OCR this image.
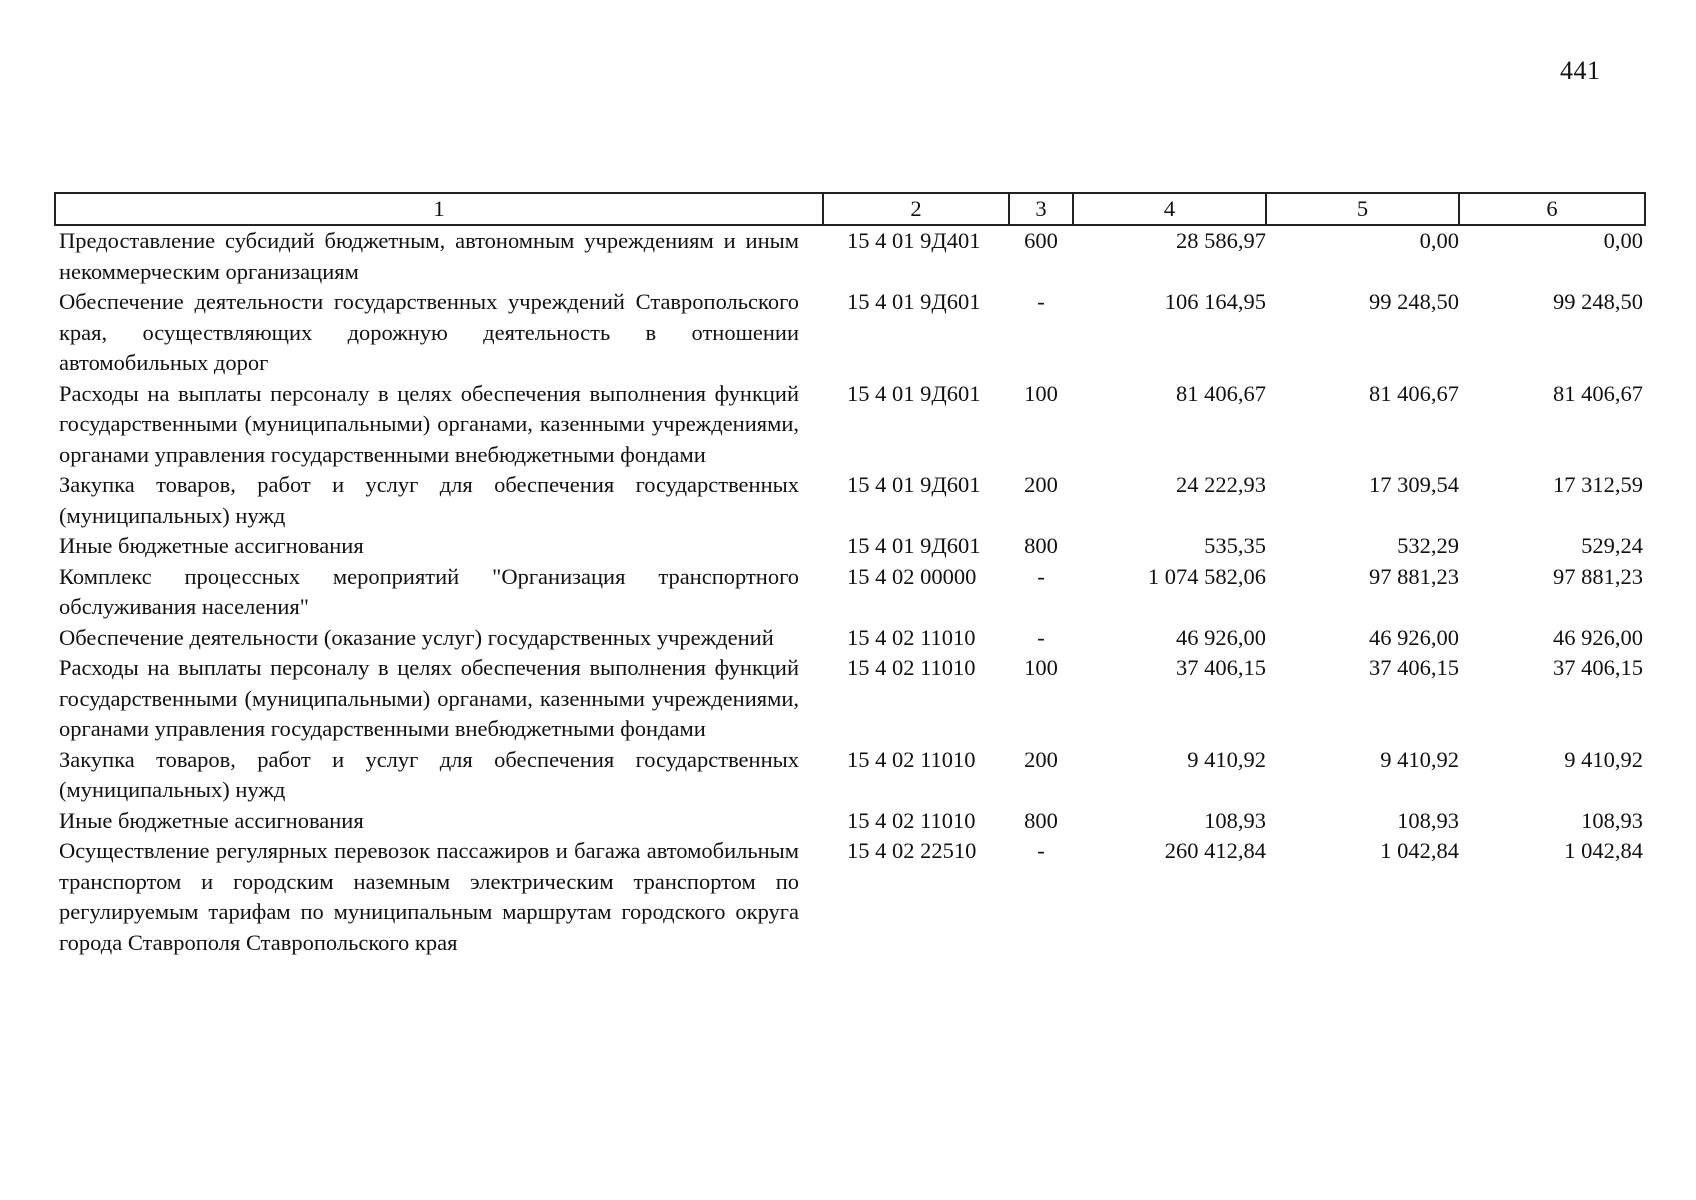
441
1	2	3	4	5	6
Предоставление субсидий бюджетным, автономным учреждениям и иным некоммерческим организациям	15 4 01 9Д401	600	28 586,97	0,00	0,00
Обеспечение деятельности государственных учреждений Ставропольского края, осуществляющих дорожную деятельность в отношении автомобильных дорог	15 4 01 9Д601	-	106 164,95	99 248,50	99 248,50
Расходы на выплаты персоналу в целях обеспечения выполнения функций государственными (муниципальными) органами, казенными учреждениями, органами управления государственными внебюджетными фондами	15 4 01 9Д601	100	81 406,67	81 406,67	81 406,67
Закупка товаров, работ и услуг для обеспечения государственных (муниципальных) нужд	15 4 01 9Д601	200	24 222,93	17 309,54	17 312,59
Иные бюджетные ассигнования	15 4 01 9Д601	800	535,35	532,29	529,24
Комплекс процессных мероприятий "Организация транспортного обслуживания населения"	15 4 02 00000	-	1 074 582,06	97 881,23	97 881,23
Обеспечение деятельности (оказание услуг) государственных учреждений	15 4 02 11010	-	46 926,00	46 926,00	46 926,00
Расходы на выплаты персоналу в целях обеспечения выполнения функций государственными (муниципальными) органами, казенными учреждениями, органами управления государственными внебюджетными фондами	15 4 02 11010	100	37 406,15	37 406,15	37 406,15
Закупка товаров, работ и услуг для обеспечения государственных (муниципальных) нужд	15 4 02 11010	200	9 410,92	9 410,92	9 410,92
Иные бюджетные ассигнования	15 4 02 11010	800	108,93	108,93	108,93
Осуществление регулярных перевозок пассажиров и багажа автомобильным транспортом и городским наземным электрическим транспортом по регулируемым тарифам по муниципальным маршрутам городского округа города Ставрополя Ставропольского края	15 4 02 22510	-	260 412,84	1 042,84	1 042,84
